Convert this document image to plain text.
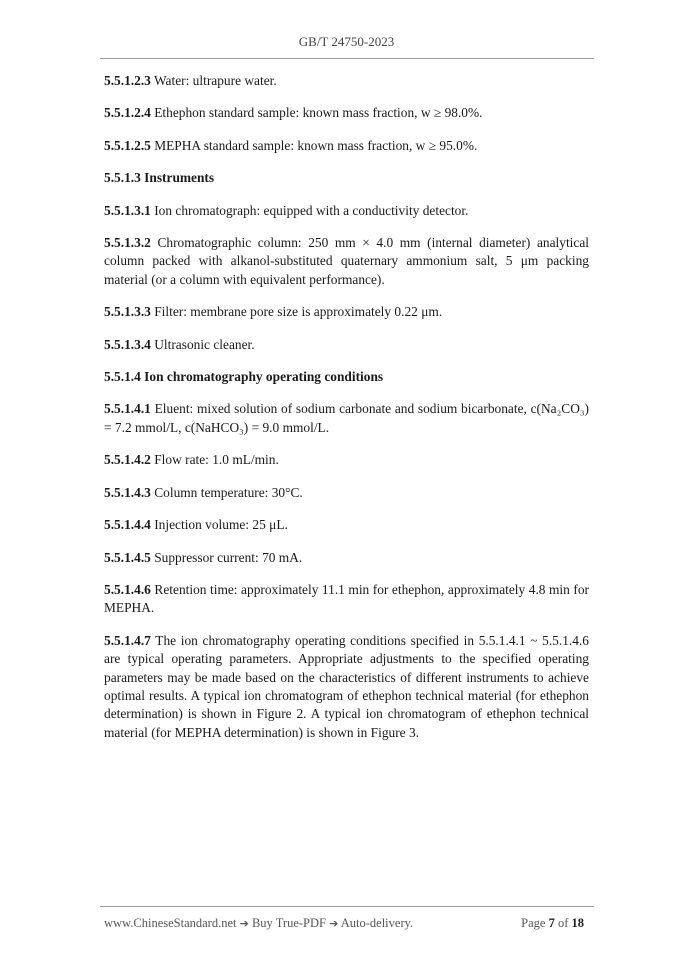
GB/T 24750-2023

5.5.1.2.3 Water: ultrapure water.

5.5.1.2.4 Ethephon standard sample: known mass fraction, w ≥ 98.0%.

5.5.1.2.5 MEPHA standard sample: known mass fraction, w ≥ 95.0%.

5.5.1.3 Instruments

5.5.1.3.1 Ion chromatograph: equipped with a conductivity detector.

5.5.1.3.2 Chromatographic column: 250 mm × 4.0 mm (internal diameter) analytical column packed with alkanol-substituted quaternary ammonium salt, 5 μm packing material (or a column with equivalent performance).

5.5.1.3.3 Filter: membrane pore size is approximately 0.22 μm.

5.5.1.3.4 Ultrasonic cleaner.

5.5.1.4 Ion chromatography operating conditions

5.5.1.4.1 Eluent: mixed solution of sodium carbonate and sodium bicarbonate, c(Na₂CO₃) = 7.2 mmol/L, c(NaHCO₃) = 9.0 mmol/L.

5.5.1.4.2 Flow rate: 1.0 mL/min.

5.5.1.4.3 Column temperature: 30°C.

5.5.1.4.4 Injection volume: 25 μL.

5.5.1.4.5 Suppressor current: 70 mA.

5.5.1.4.6 Retention time: approximately 11.1 min for ethephon, approximately 4.8 min for MEPHA.

5.5.1.4.7 The ion chromatography operating conditions specified in 5.5.1.4.1 ~ 5.5.1.4.6 are typical operating parameters. Appropriate adjustments to the specified operating parameters may be made based on the characteristics of different instruments to achieve optimal results. A typical ion chromatogram of ethephon technical material (for ethephon determination) is shown in Figure 2. A typical ion chromatogram of ethephon technical material (for MEPHA determination) is shown in Figure 3.

www.ChineseStandard.net ➔ Buy True-PDF ➔ Auto-delivery.	Page 7 of 18
